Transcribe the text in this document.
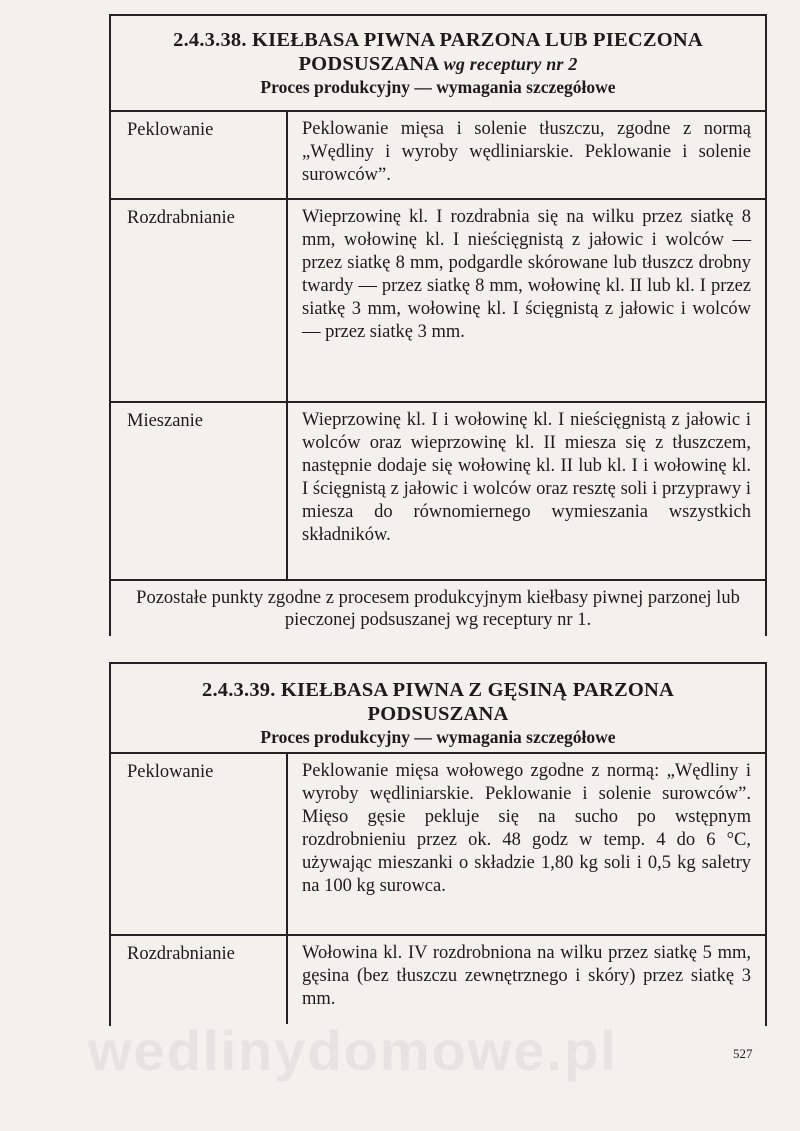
2.4.3.38. KIEŁBASA PIWNA PARZONA LUB PIECZONA
PODSUSZANA wg receptury nr 2
Proces produkcyjny — wymagania szczegółowe
Peklowanie	Peklowanie mięsa i solenie tłuszczu, zgodne z normą „Wędliny i wyroby wędliniarskie. Peklowanie i solenie surowców”.
Rozdrabnianie	Wieprzowinę kl. I rozdrabnia się na wilku przez siatkę 8 mm, wołowinę kl. I nieścięgnistą z jałowic i wolców — przez siatkę 8 mm, podgardle skórowane lub tłuszcz drobny twardy — przez siatkę 8 mm, wołowinę kl. II lub kl. I przez siatkę 3 mm, wołowinę kl. I ścięgnistą z jałowic i wolców — przez siatkę 3 mm.
Mieszanie	Wieprzowinę kl. I i wołowinę kl. I nieścięgnistą z jałowic i wolców oraz wieprzowinę kl. II miesza się z tłuszczem, następnie dodaje się wołowinę kl. II lub kl. I i wołowinę kl. I ścięgnistą z jałowic i wolców oraz resztę soli i przyprawy i miesza do równomiernego wymieszania wszystkich składników.
Pozostałe punkty zgodne z procesem produkcyjnym kiełbasy piwnej parzonej lub pieczonej podsuszanej wg receptury nr 1.
2.4.3.39. KIEŁBASA PIWNA Z GĘSINĄ PARZONA
PODSUSZANA
Proces produkcyjny — wymagania szczegółowe
Peklowanie	Peklowanie mięsa wołowego zgodne z normą: „Wędliny i wyroby wędliniarskie. Peklowanie i solenie surowców”. Mięso gęsie pekluje się na sucho po wstępnym rozdrobnieniu przez ok. 48 godz w temp. 4 do 6 °C, używając mieszanki o składzie 1,80 kg soli i 0,5 kg saletry na 100 kg surowca.
Rozdrabnianie	Wołowina kl. IV rozdrobniona na wilku przez siatkę 5 mm, gęsina (bez tłuszczu zewnętrznego i skóry) przez siatkę 3 mm.
wedlinydomowe.pl	527
